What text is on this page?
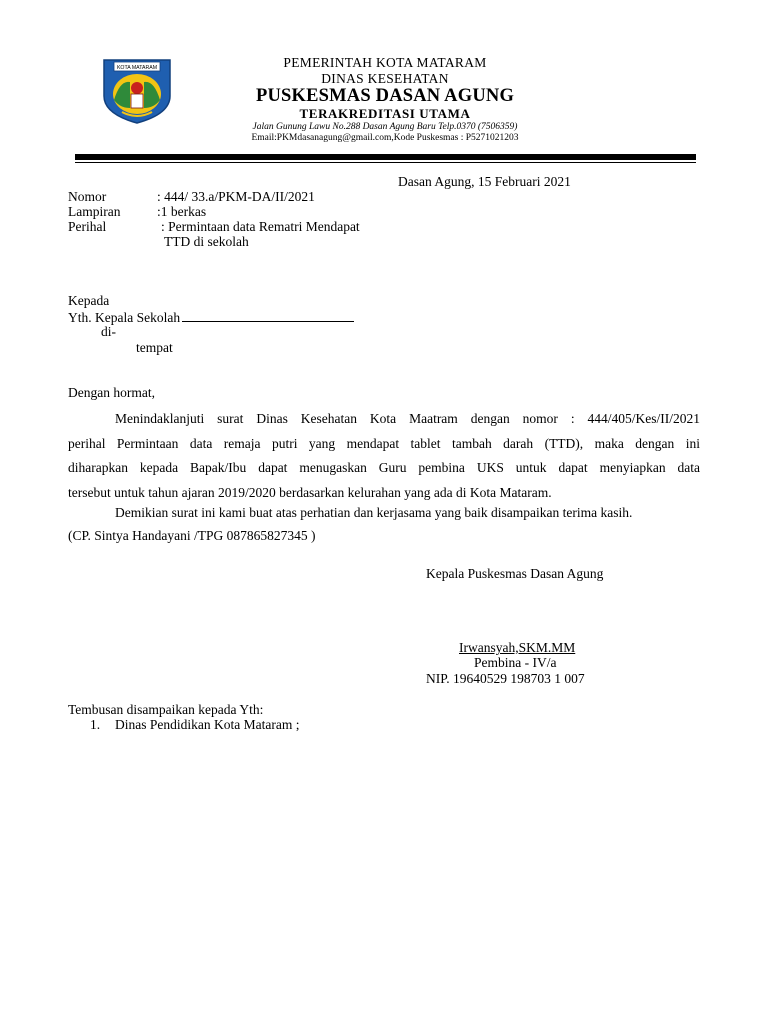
KOTA MATARAM	PEMERINTAH KOTA MATARAM
DINAS KESEHATAN
PUSKESMAS DASAN AGUNG
TERAKREDITASI UTAMA
Jalan Gunung Lawu No.288 Dasan Agung Baru Telp.0370 (7506359)
Email:PKMdasanagung@gmail.com,Kode Puskesmas : P5271021203
Dasan Agung, 15 Februari 2021
Nomor	: 444/ 33.a/PKM-DA/II/2021
Lampiran	:1 berkas
Perihal	: Permintaan data Rematri Mendapat
TTD di sekolah
Kepada
Yth. Kepala Sekolah
di-
tempat
Dengan hormat,
Menindaklanjuti surat Dinas Kesehatan Kota Maatram dengan nomor : 444/405/Kes/II/2021
perihal Permintaan data remaja putri yang mendapat tablet tambah darah (TTD), maka dengan ini
diharapkan kepada Bapak/Ibu dapat menugaskan Guru pembina UKS untuk dapat menyiapkan data
tersebut untuk tahun ajaran 2019/2020 berdasarkan kelurahan yang ada di Kota Mataram.
Demikian surat ini kami buat atas perhatian dan kerjasama yang baik disampaikan terima kasih.
(CP. Sintya Handayani /TPG 087865827345 )
Kepala Puskesmas Dasan Agung
Irwansyah,SKM.MM
Pembina - IV/a
NIP. 19640529 198703 1 007
Tembusan disampaikan kepada Yth:
1. Dinas Pendidikan Kota Mataram ;
